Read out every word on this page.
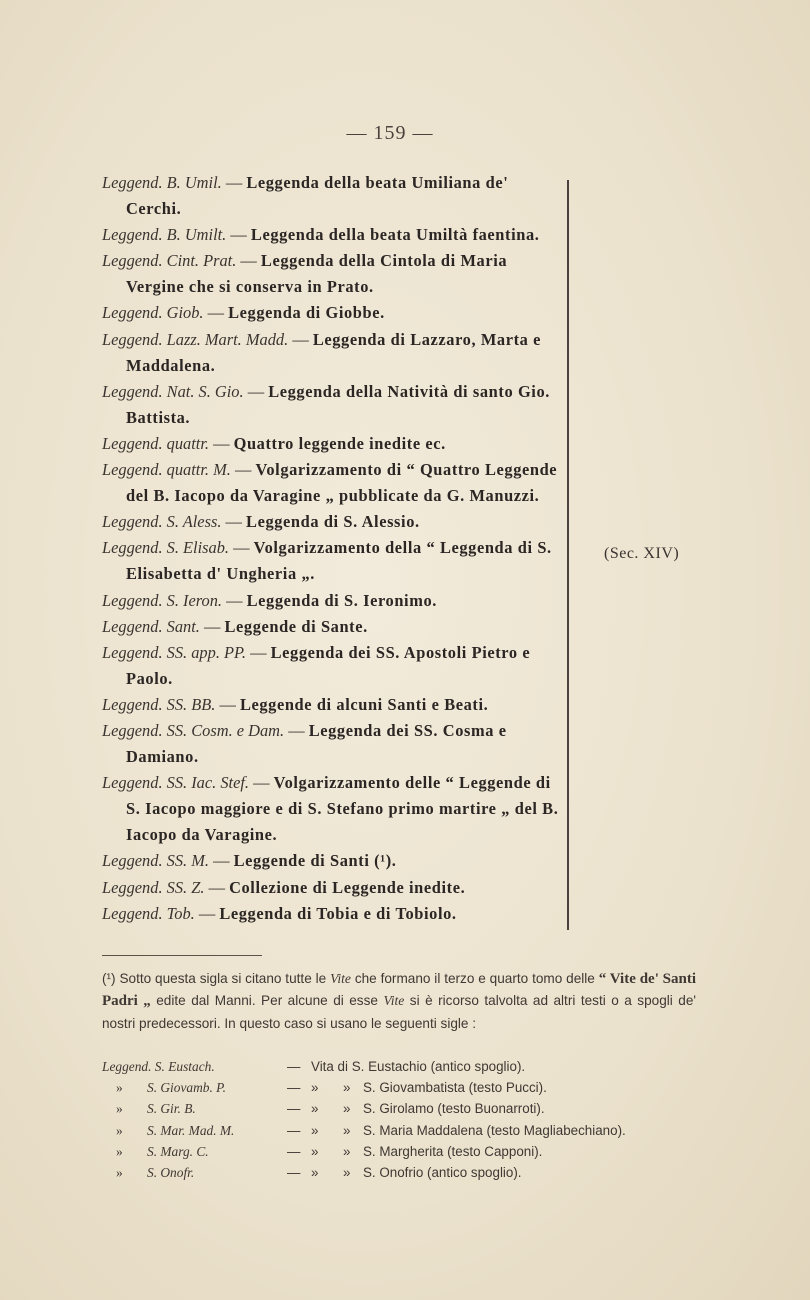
— 159 —
Leggend. B. Umil. — Leggenda della beata Umiliana de' Cerchi.
Leggend. B. Umilt. — Leggenda della beata Umiltà faentina.
Leggend. Cint. Prat. — Leggenda della Cintola di Maria Vergine che si conserva in Prato.
Leggend. Giob. — Leggenda di Giobbe.
Leggend. Lazz. Mart. Madd. — Leggenda di Lazzaro, Marta e Maddalena.
Leggend. Nat. S. Gio. — Leggenda della Natività di santo Gio. Battista.
Leggend. quattr. — Quattro leggende inedite ec.
Leggend. quattr. M. — Volgarizzamento di “ Quattro Leggende del B. Iacopo da Varagine „ pubblicate da G. Manuzzi.
Leggend. S. Aless. — Leggenda di S. Alessio.
Leggend. S. Elisab. — Volgarizzamento della “ Leggenda di S. Elisabetta d' Ungheria „.
Leggend. S. Ieron. — Leggenda di S. Ieronimo.
Leggend. Sant. — Leggende di Sante.
Leggend. SS. app. PP. — Leggenda dei SS. Apostoli Pietro e Paolo.
Leggend. SS. BB. — Leggende di alcuni Santi e Beati.
Leggend. SS. Cosm. e Dam. — Leggenda dei SS. Cosma e Damiano.
Leggend. SS. Iac. Stef. — Volgarizzamento delle “ Leggende di S. Iacopo maggiore e di S. Stefano primo martire „ del B. Iacopo da Varagine.
Leggend. SS. M. — Leggende di Santi (¹).
Leggend. SS. Z. — Collezione di Leggende inedite.
Leggend. Tob. — Leggenda di Tobia e di Tobiolo.
(Sec. XIV)
(¹) Sotto questa sigla si citano tutte le Vite che formano il terzo e quarto tomo delle “ Vite de' Santi Padri „ edite dal Manni. Per alcune di esse Vite si è ricorso talvolta ad altri testi o a spogli de' nostri predecessori. In questo caso si usano le seguenti sigle :
Leggend. S. Eustach.	— Vita di S. Eustachio (antico spoglio).
»	S. Giovamb. P.	— »	» S. Giovambatista (testo Pucci).
»	S. Gir. B.	— »	» S. Girolamo (testo Buonarroti).
»	S. Mar. Mad. M.	— »	» S. Maria Maddalena (testo Magliabechiano).
»	S. Marg. C.	— »	» S. Margherita (testo Capponi).
»	S. Onofr.	— »	» S. Onofrio (antico spoglio).
